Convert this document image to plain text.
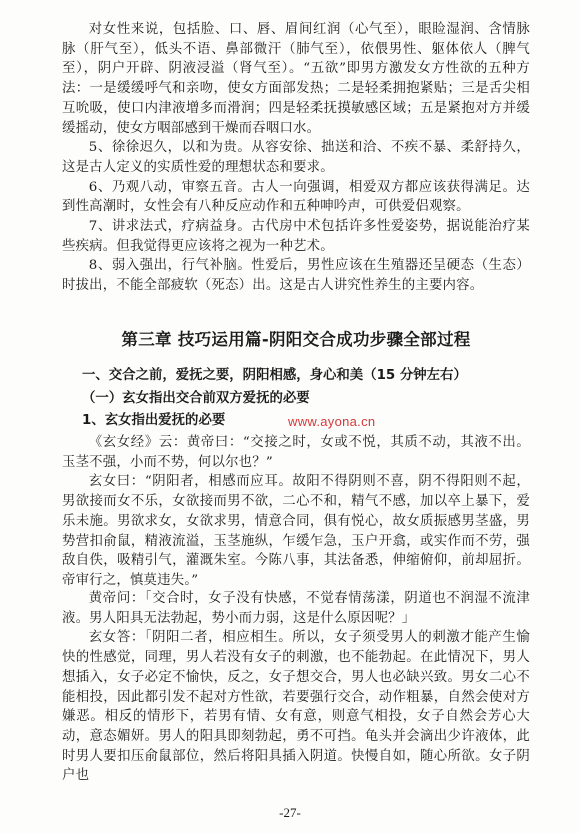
对女性来说，包括脸、口、唇、眉间红润（心气至），眼睑湿润、含情脉脉（肝气至），低头不语、鼻部微汗（肺气至），依偎男性、躯体依人（脾气至），阴户开辟、阴液浸溢（肾气至）。“五欲”即男方激发女方性欲的五种方法：一是缓缓呼气和亲吻，使女方面部发热；二是轻柔拥抱紧贴；三是舌尖相互吮吸，使口内津液增多而滑润；四是轻柔抚摸敏感区域；五是紧抱对方并缓缓摇动，使女方咽部感到干燥而吞咽口水。

5、徐徐迟久，以和为贵。从容安徐、拙送和洽、不疾不暴、柔舒持久，这是古人定义的实质性爱的理想状态和要求。

6、乃观八动，审察五音。古人一向强调，相爱双方都应该获得满足。达到性高潮时，女性会有八种反应动作和五种呻吟声，可供爱侣观察。

7、讲求法式，疗病益身。古代房中术包括许多性爱姿势，据说能治疗某些疾病。但我觉得更应该将之视为一种艺术。

8、弱入强出，行气补脑。性爱后，男性应该在生殖器还呈硬态（生态）时拔出，不能全部疲软（死态）出。这是古人讲究性养生的主要内容。

第三章 技巧运用篇-阴阳交合成功步骤全部过程
一、交合之前，爱抚之要，阴阳相感，身心和美（15 分钟左右）
（一）玄女指出交合前双方爱抚的必要
1、玄女指出爱抚的必要	www.ayona.cn

《玄女经》云：黄帝曰：“交接之时，女或不悦，其质不动，其液不出。玉茎不强，小而不势，何以尔也？”

玄女曰：“阴阳者，相感而应耳。故阳不得阴则不喜，阴不得阳则不起，男欲接而女不乐，女欲接而男不欲，二心不和，精气不感，加以卒上暴下，爱乐未施。男欲求女，女欲求男，情意合同，俱有悦心，故女质振感男茎盛，男势营扣俞鼠，精液流溢，玉茎施纵，乍缓乍急，玉户开翕，或实作而不劳，强敌自佚，吸精引气，灌溉朱室。今陈八事，其法备悉，伸缩俯仰，前却屈折。帝审行之，慎莫违失。”

黄帝问：「交合时，女子没有快感，不觉春情荡漾，阴道也不润湿不流津液。男人阳具无法勃起，势小而力弱，这是什么原因呢？」

玄女答：「阴阳二者，相应相生。所以，女子须受男人的刺激才能产生愉快的性感觉，同理，男人若没有女子的刺激，也不能勃起。在此情况下，男人想插入，女子必定不愉快，反之，女子想交合，男人也必缺兴致。男女二心不能相投，因此都引发不起对方性欲，若要强行交合，动作粗暴，自然会使对方嫌恶。相反的情形下，若男有情、女有意，则意气相投，女子自然会芳心大动，意态媚妍。男人的阳具即刻勃起，勇不可挡。龟头并会滴出少许液体，此时男人要扣压俞鼠部位，然后将阳具插入阴道。快慢自如，随心所欲。女子阴户也

-27-
